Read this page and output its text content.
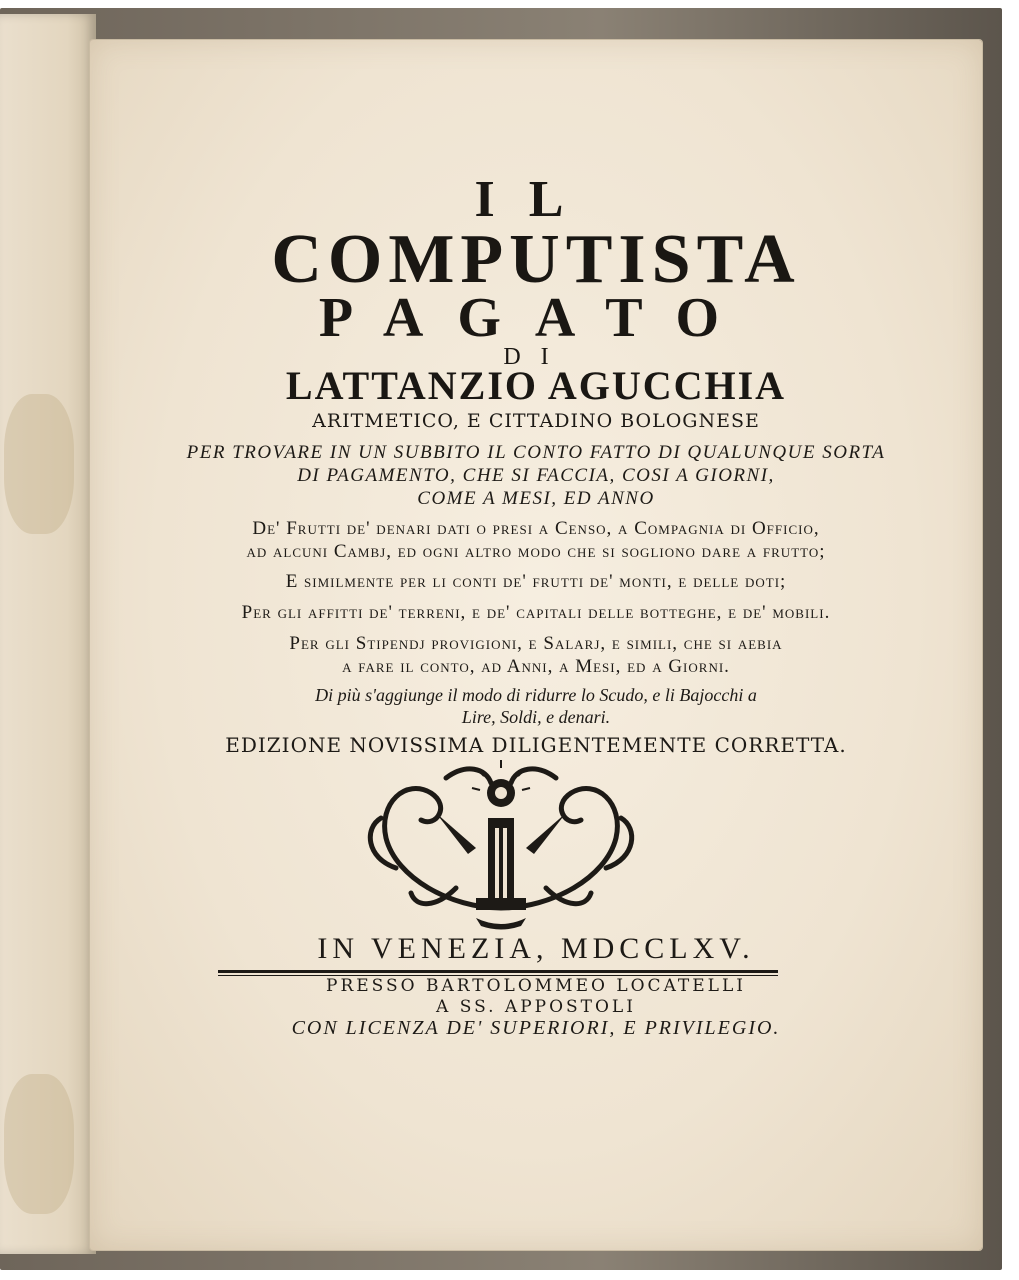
IL
COMPUTISTA
PAGATO
DI
LATTANZIO AGUCCHIA
ARITMETICO, E CITTADINO BOLOGNESE
PER TROVARE IN UN SUBBITO IL CONTO FATTO DI QUALUNQUE SORTA
DI PAGAMENTO, CHE SI FACCIA, COSI A GIORNI,
COME A MESI, ED ANNO
De' Frutti de' denari dati o presi a Censo, a Compagnia di Officio,
ad alcuni Cambj, ed ogni altro modo che si sogliono dare a frutto;
E similmente per li conti de' frutti de' monti, e delle doti;
Per gli affitti de' terreni, e de' capitali delle botteghe, e de' mobili.
Per gli Stipendj provigioni, e Salarj, e simili, che si aebia
a fare il conto, ad Anni, a Mesi, ed a Giorni.
Di più s'aggiunge il modo di ridurre lo Scudo, e li Bajocchi a
Lire, Soldi, e denari.
EDIZIONE NOVISSIMA DILIGENTEMENTE CORRETTA.
IN VENEZIA, MDCCLXV.
PRESSO BARTOLOMMEO LOCATELLI
A SS. APPOSTOLI
CON LICENZA DE' SUPERIORI, E PRIVILEGIO.
